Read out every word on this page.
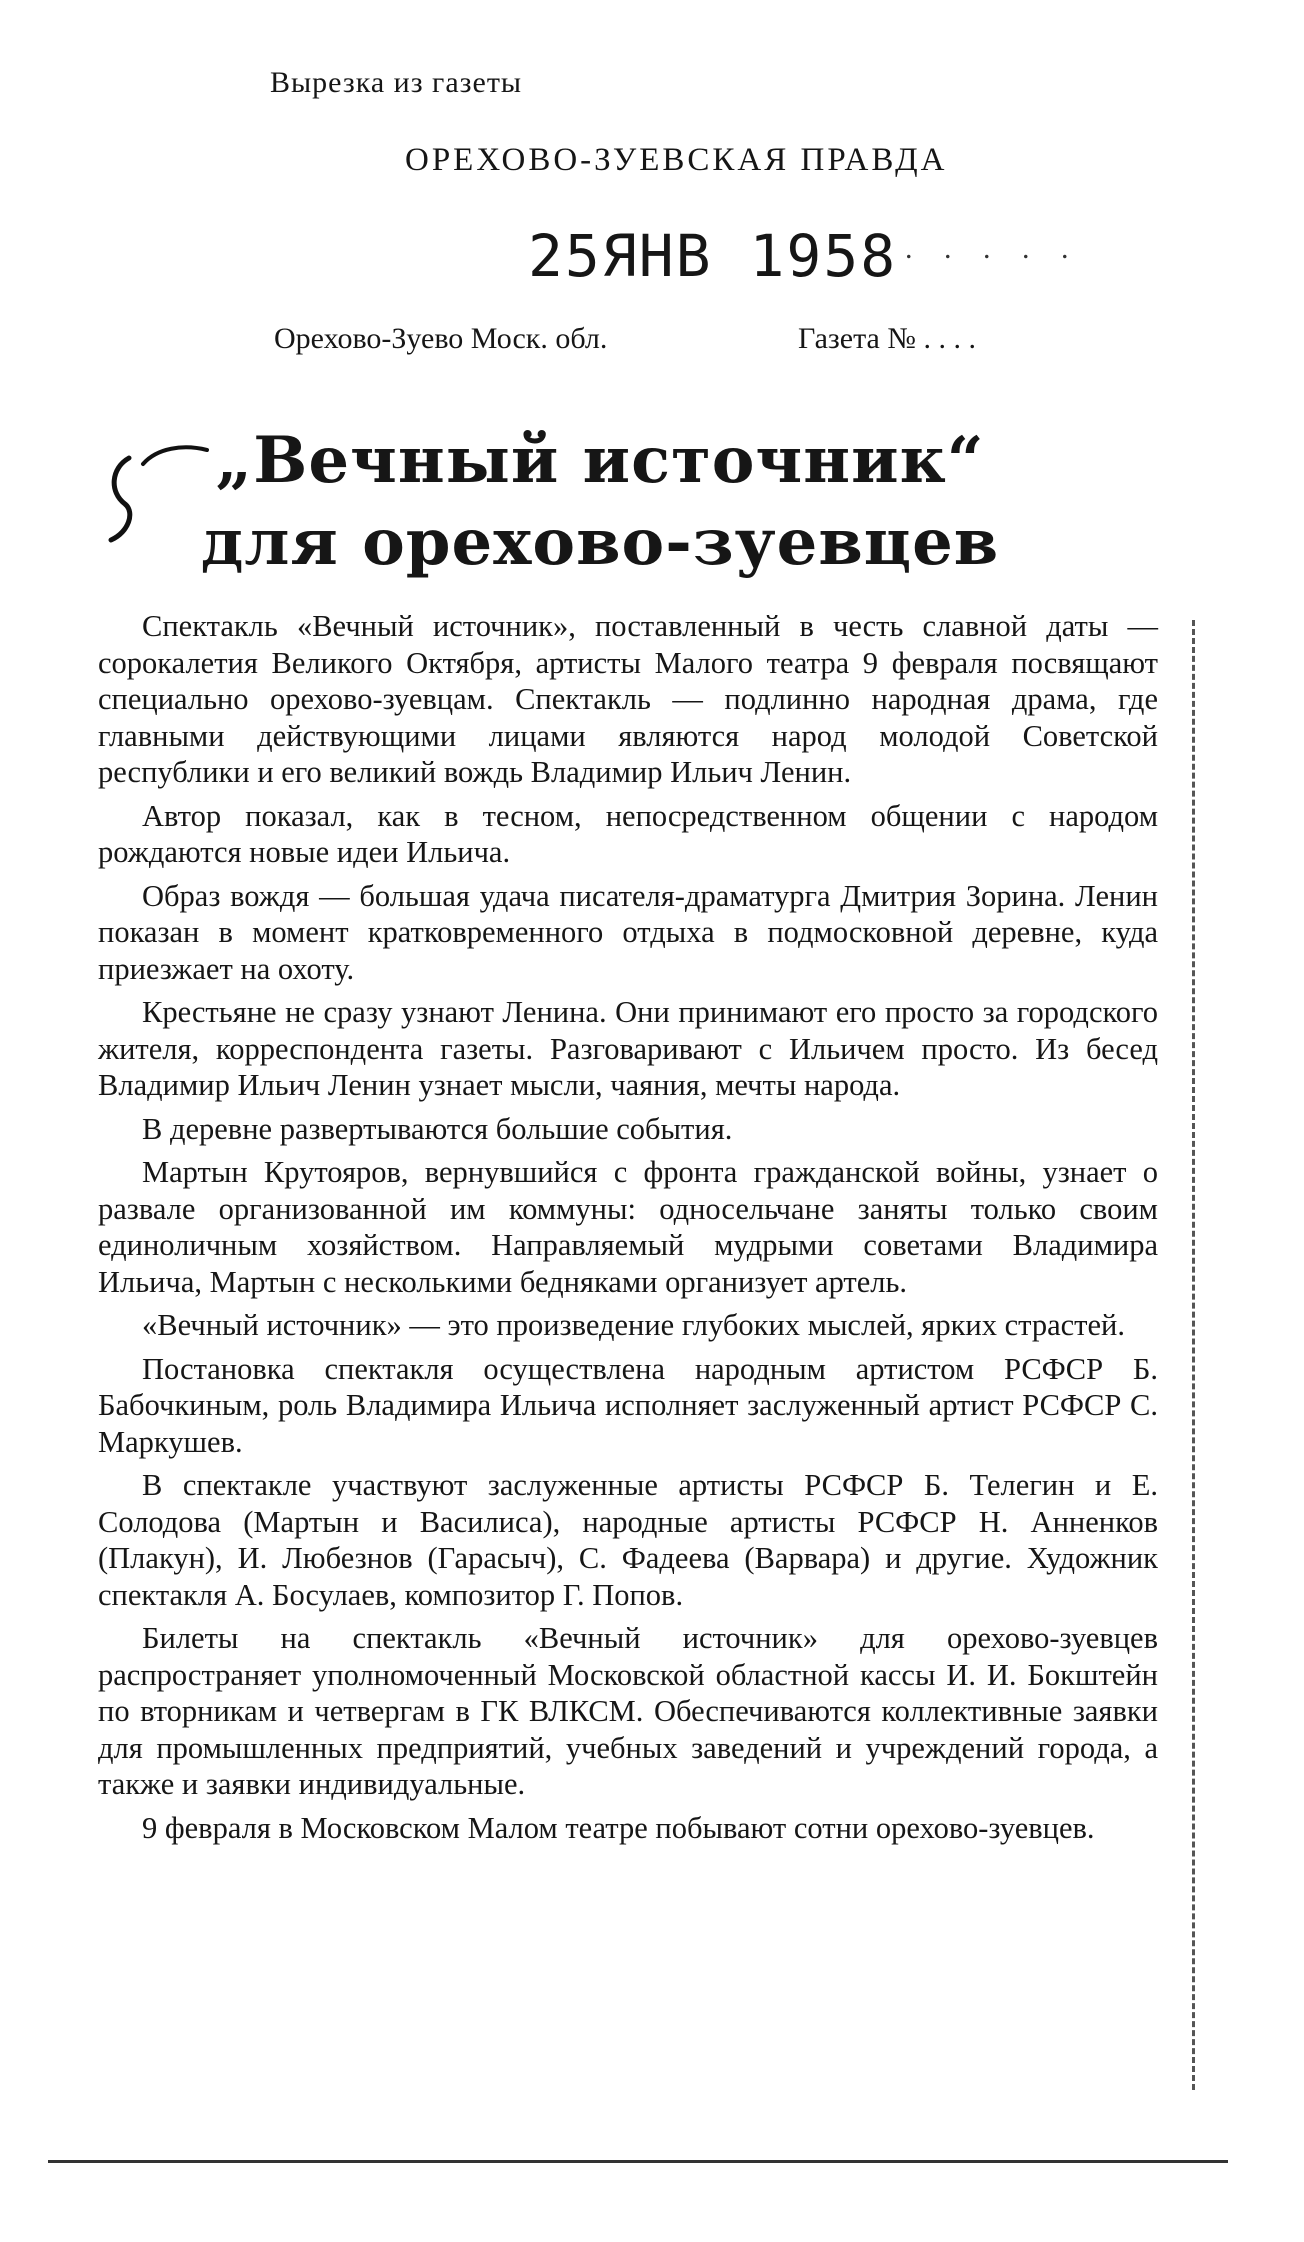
Вырезка из газеты
ОРЕХОВО-ЗУЕВСКАЯ ПРАВДА
25ЯНВ 1958 . . . . .
Орехово-Зуево Моск. обл.	Газета № . . . .
„Вечный источник“
для орехово-зуевцев

Спектакль «Вечный источник», поставленный в честь славной даты — сорокалетия Великого Октября, артисты Малого театра 9 февраля посвящают специально орехово-зуевцам. Спектакль — подлинно народная драма, где главными действующими лицами являются народ молодой Советской республики и его великий вождь Владимир Ильич Ленин.

Автор показал, как в тесном, непосредственном общении с народом рождаются новые идеи Ильича.

Образ вождя — большая удача писателя-драматурга Дмитрия Зорина. Ленин показан в момент кратковременного отдыха в подмосковной деревне, куда приезжает на охоту.

Крестьяне не сразу узнают Ленина. Они принимают его просто за городского жителя, корреспондента газеты. Разговаривают с Ильичем просто. Из бесед Владимир Ильич Ленин узнает мысли, чаяния, мечты народа.

В деревне развертываются большие события.

Мартын Крутояров, вернувшийся с фронта гражданской войны, узнает о развале организованной им коммуны: односельчане заняты только своим единоличным хозяйством. Направляемый мудрыми советами Владимира Ильича, Мартын с несколькими бедняками организует артель.

«Вечный источник» — это произведение глубоких мыслей, ярких страстей.

Постановка спектакля осуществлена народным артистом РСФСР Б. Бабочкиным, роль Владимира Ильича исполняет заслуженный артист РСФСР С. Маркушев.

В спектакле участвуют заслуженные артисты РСФСР Б. Телегин и Е. Солодова (Мартын и Василиса), народные артисты РСФСР Н. Анненков (Плакун), И. Любезнов (Гарасыч), С. Фадеева (Варвара) и другие. Художник спектакля А. Босулаев, композитор Г. Попов.

Билеты на спектакль «Вечный источник» для орехово-зуевцев распространяет уполномоченный Московской областной кассы И. И. Бокштейн по вторникам и четвергам в ГК ВЛКСМ. Обеспечиваются коллективные заявки для промышленных предприятий, учебных заведений и учреждений города, а также и заявки индивидуальные.

9 февраля в Московском Малом театре побывают сотни орехово-зуевцев.
